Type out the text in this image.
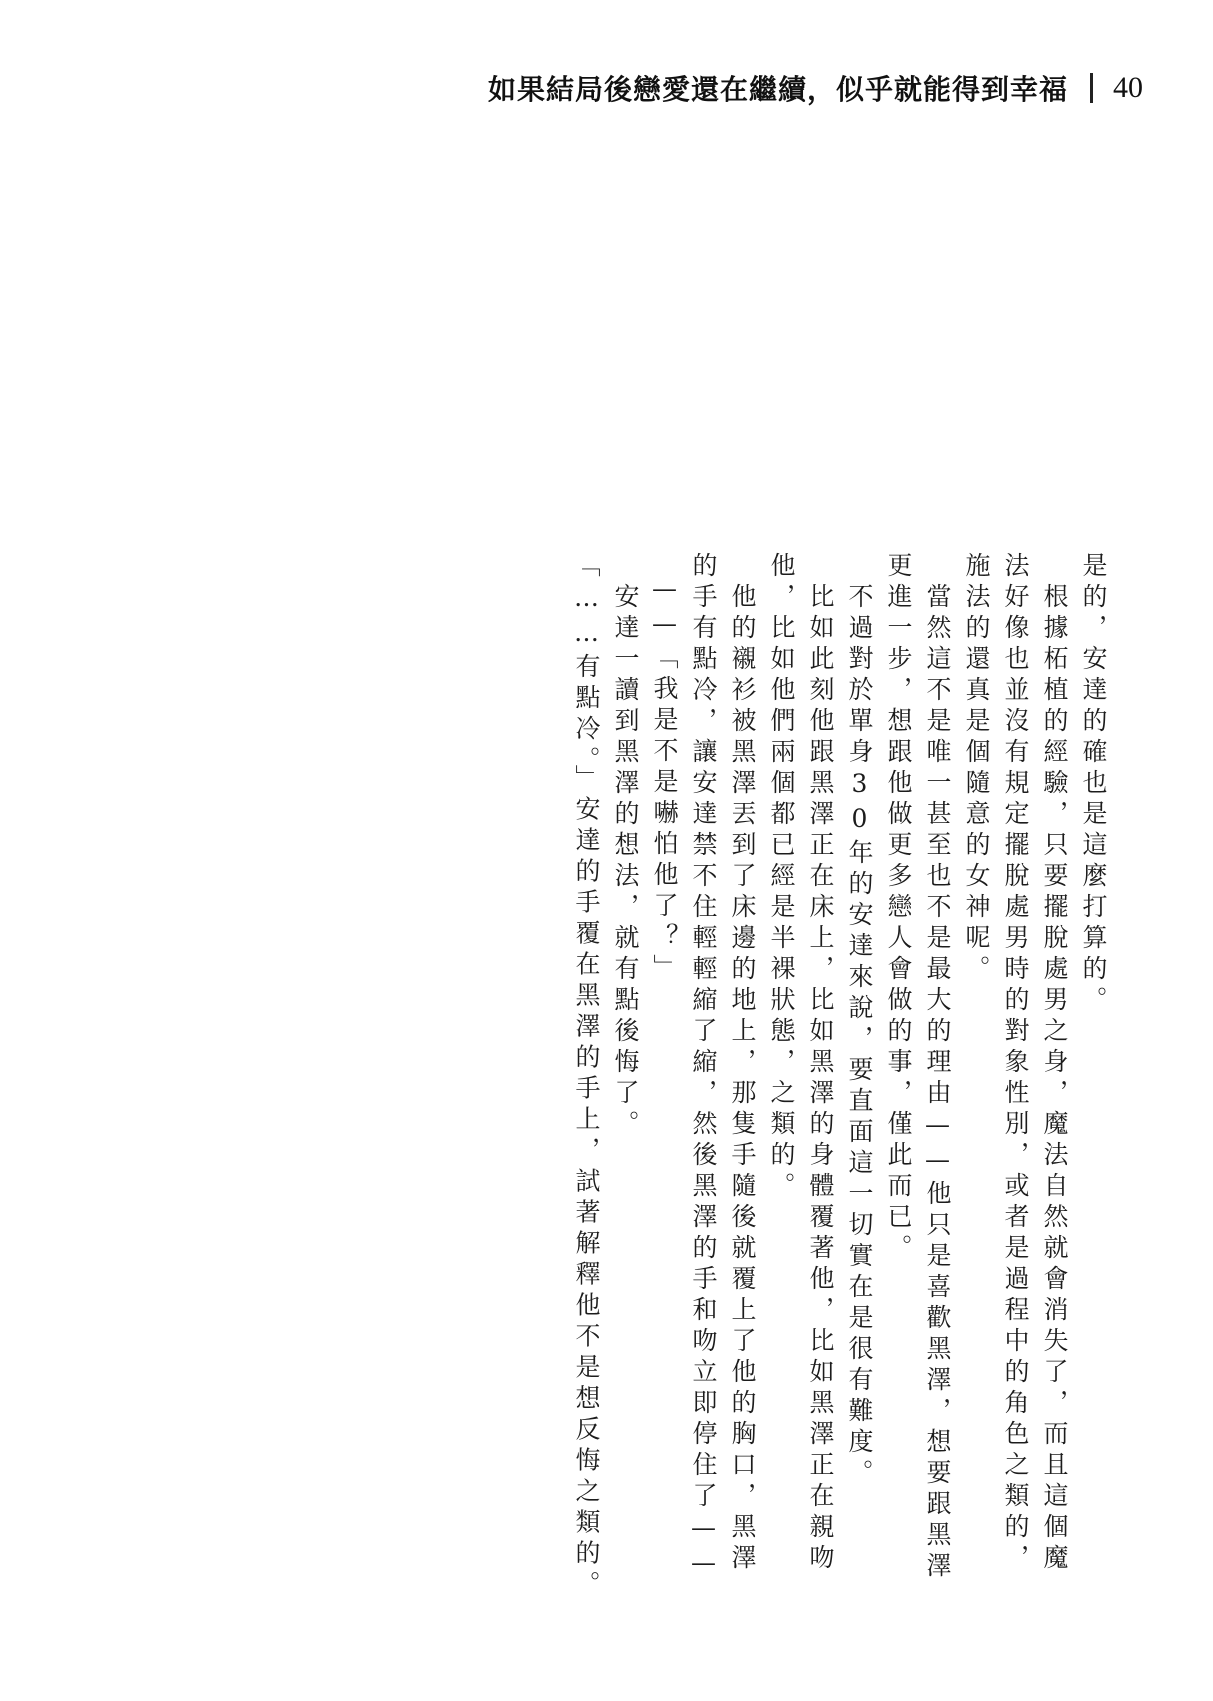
如果結局後戀愛還在繼續，似乎就能得到幸福 40

是的，安達的確也是這麼打算的。

根據柘植的經驗，只要擺脫處男之身，魔法自然就會消失了，而且這個魔法好像也並沒有規定擺脫處男時的對象性別，或者是過程中的角色之類的，施法的還真是個隨意的女神呢。

當然這不是唯一甚至也不是最大的理由——他只是喜歡黑澤，想要跟黑澤更進一步，想跟他做更多戀人會做的事，僅此而已。

不過對於單身30年的安達來說，要直面這一切實在是很有難度。

比如此刻他跟黑澤正在床上，比如黑澤的身體覆著他，比如黑澤正在親吻他，比如他們兩個都已經是半裸狀態，之類的。

他的襯衫被黑澤丟到了床邊的地上，那隻手隨後就覆上了他的胸口，黑澤的手有點冷，讓安達禁不住輕輕縮了縮，然後黑澤的手和吻立即停住了——

——「我是不是嚇怕他了？」

安達一讀到黑澤的想法，就有點後悔了。

「……有點冷。」安達的手覆在黑澤的手上，試著解釋他不是想反悔之類的。
